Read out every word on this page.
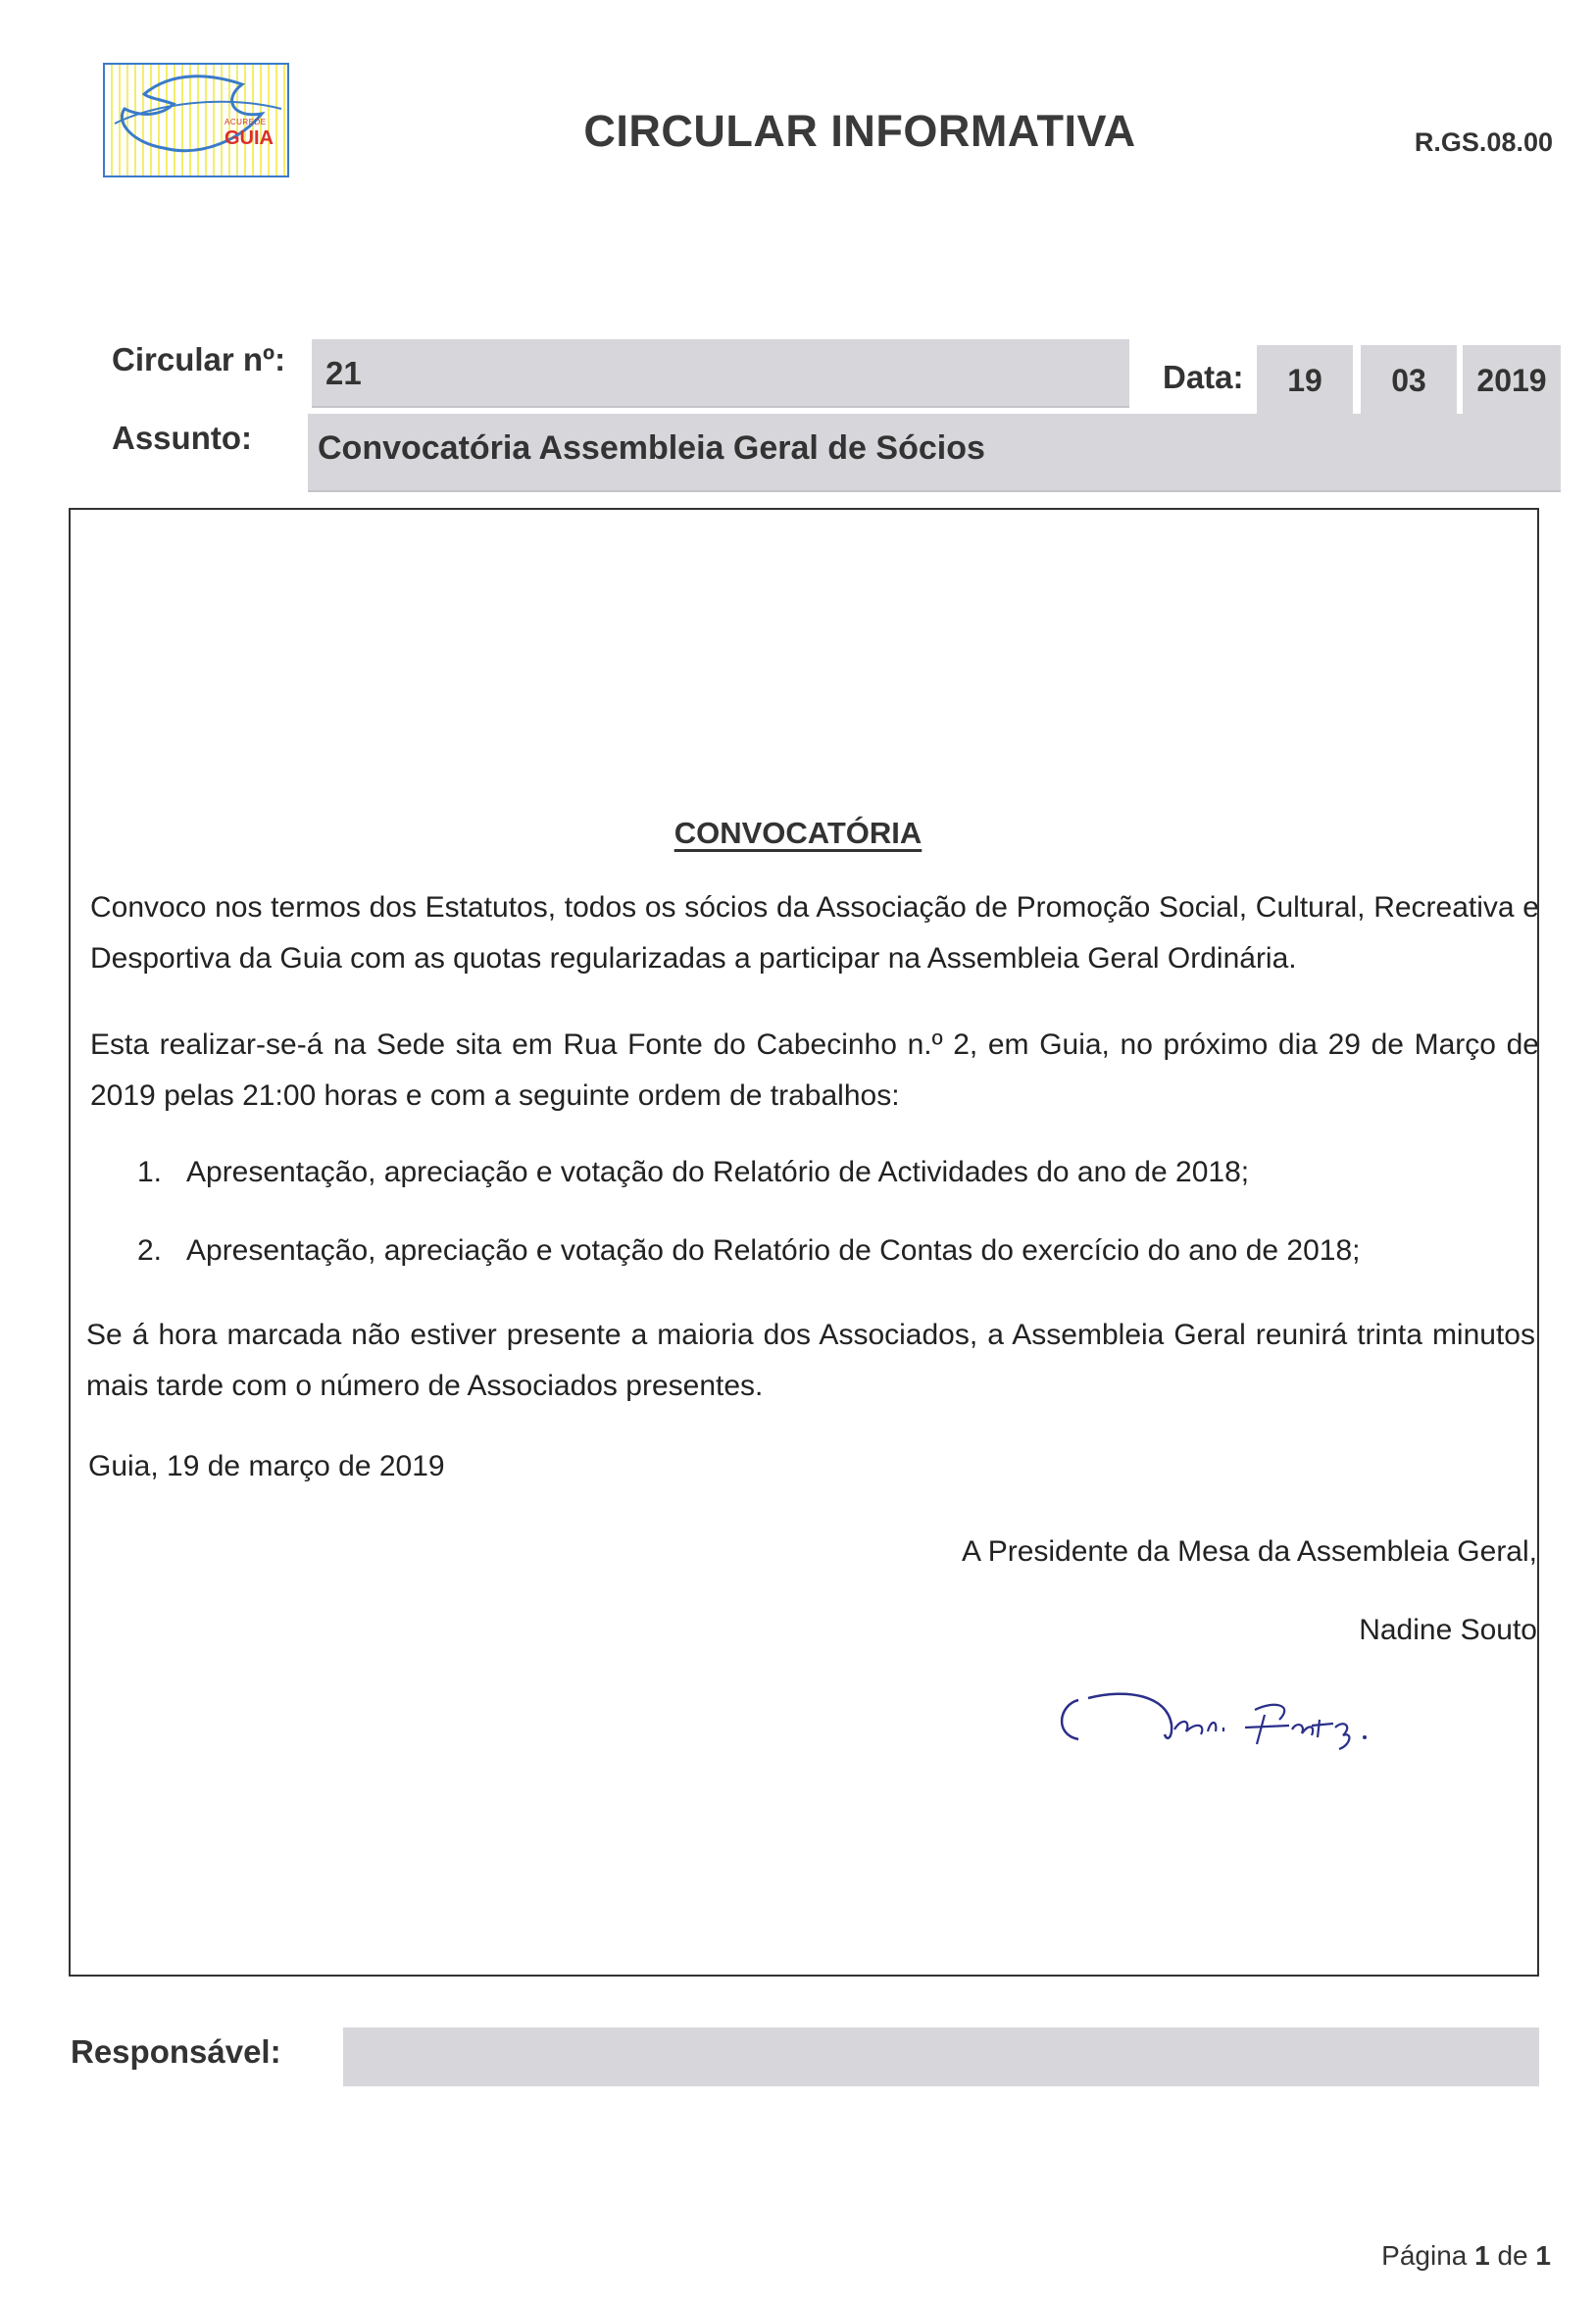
ACUREDE
GUIA	CIRCULAR INFORMATIVA	R.GS.08.00
Circular nº:	21	Data:	19	03	2019
Assunto: Convocatória Assembleia Geral de Sócios
CONVOCATÓRIA

Convoco nos termos dos Estatutos, todos os sócios da Associação de Promoção Social, Cultural, Recreativa e Desportiva da Guia com as quotas regularizadas a participar na Assembleia Geral Ordinária.

Esta realizar-se-á na Sede sita em Rua Fonte do Cabecinho n.º 2, em Guia, no próximo dia 29 de Março de 2019 pelas 21:00 horas e com a seguinte ordem de trabalhos:

1. Apresentação, apreciação e votação do Relatório de Actividades do ano de 2018;
2. Apresentação, apreciação e votação do Relatório de Contas do exercício do ano de 2018;

Se á hora marcada não estiver presente a maioria dos Associados, a Assembleia Geral reunirá trinta minutos mais tarde com o número de Associados presentes.

Guia, 19 de março de 2019
A Presidente da Mesa da Assembleia Geral,
Nadine Souto
Responsável:
Página 1 de 1
